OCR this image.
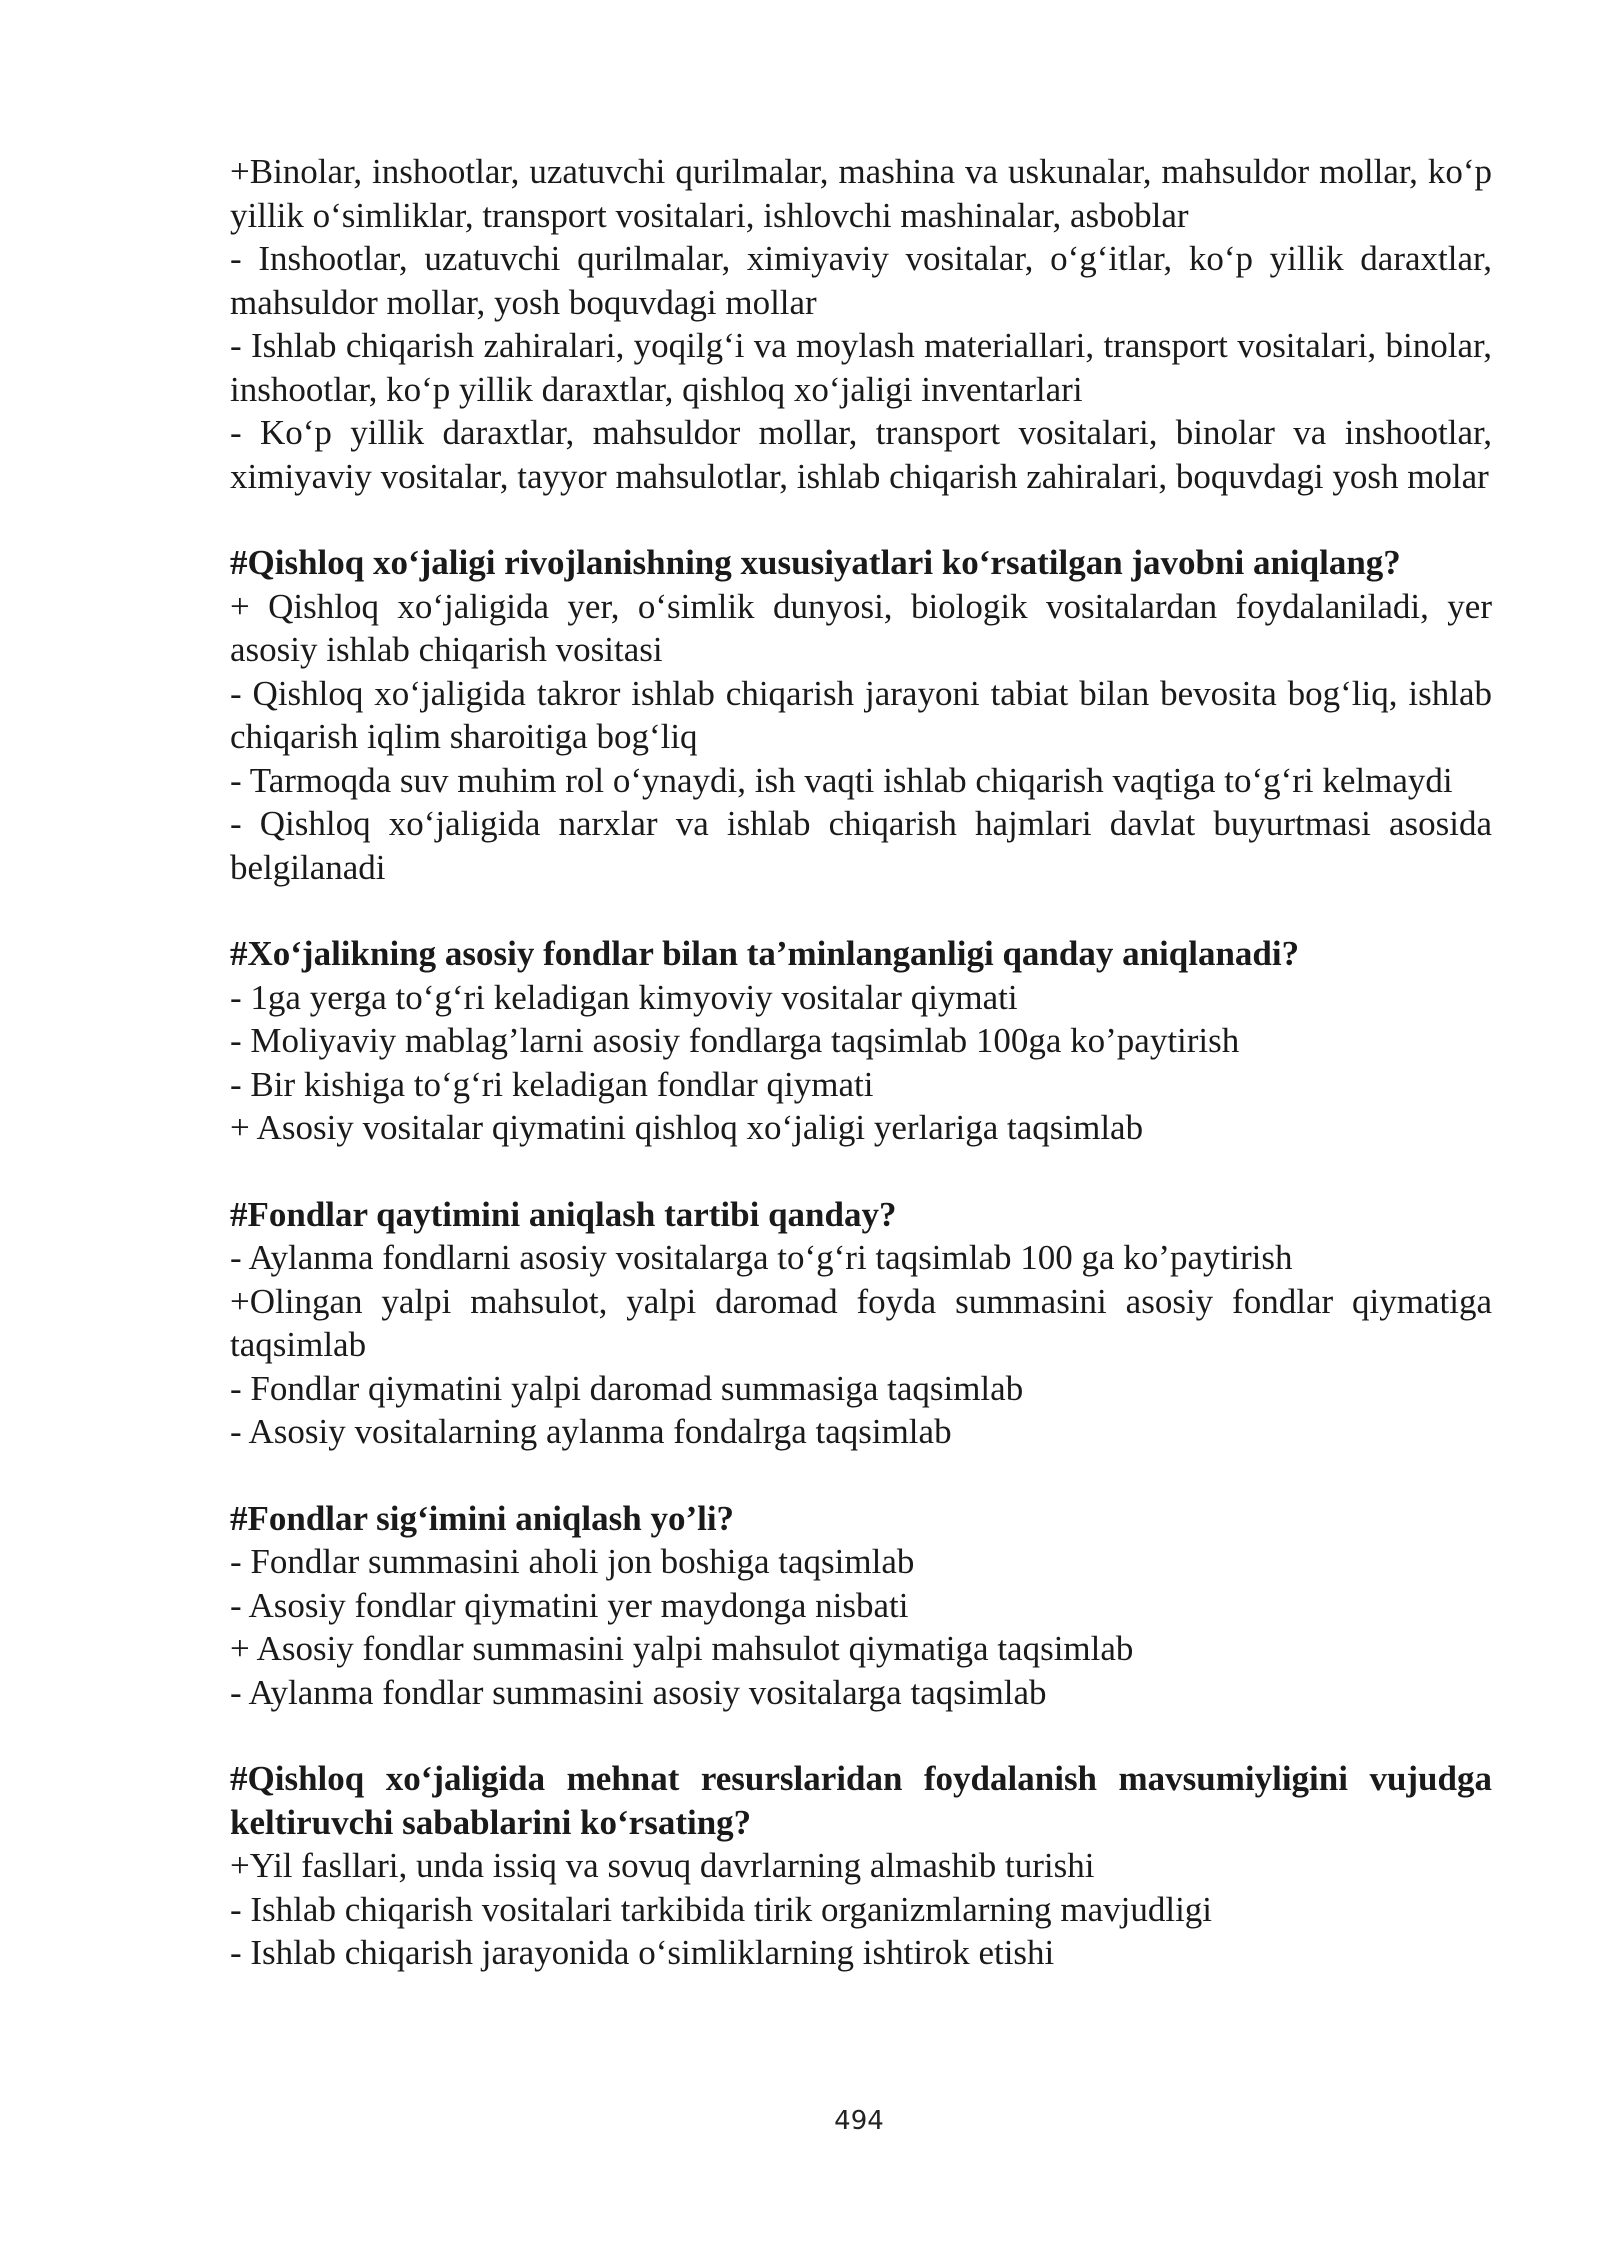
+Binolar, inshootlar, uzatuvchi qurilmalar, mashina va uskunalar, mahsuldor mollar, ko‘p yillik o‘simliklar, transport vositalari, ishlovchi mashinalar, asboblar

- Inshootlar, uzatuvchi qurilmalar, ximiyaviy vositalar, o‘g‘itlar, ko‘p yillik daraxtlar, mahsuldor mollar, yosh boquvdagi mollar

- Ishlab chiqarish zahiralari, yoqilg‘i va moylash materiallari, transport vositalari, binolar, inshootlar, ko‘p yillik daraxtlar, qishloq xo‘jaligi inventarlari

- Ko‘p yillik daraxtlar, mahsuldor mollar, transport vositalari, binolar va inshootlar, ximiyaviy vositalar, tayyor mahsulotlar, ishlab chiqarish zahiralari, boquvdagi yosh molar

#Qishloq xo‘jaligi rivojlanishning xususiyatlari ko‘rsatilgan javobni aniqlang?

+ Qishloq xo‘jaligida yer, o‘simlik dunyosi, biologik vositalardan foydalaniladi, yer asosiy ishlab chiqarish vositasi

- Qishloq xo‘jaligida takror ishlab chiqarish jarayoni tabiat bilan bevosita bog‘liq, ishlab chiqarish iqlim sharoitiga bog‘liq

- Tarmoqda suv muhim rol o‘ynaydi, ish vaqti ishlab chiqarish vaqtiga to‘g‘ri kelmaydi

- Qishloq xo‘jaligida narxlar va ishlab chiqarish hajmlari davlat buyurtmasi asosida belgilanadi

#Xo‘jalikning asosiy fondlar bilan ta’minlanganligi qanday aniqlanadi?

- 1ga yerga to‘g‘ri keladigan kimyoviy vositalar qiymati

- Moliyaviy mablag’larni asosiy fondlarga taqsimlab 100ga ko’paytirish

- Bir kishiga to‘g‘ri keladigan fondlar qiymati

+ Asosiy vositalar qiymatini qishloq xo‘jaligi yerlariga taqsimlab

#Fondlar qaytimini aniqlash tartibi qanday?

- Aylanma fondlarni asosiy vositalarga to‘g‘ri taqsimlab 100 ga ko’paytirish

+Olingan yalpi mahsulot, yalpi daromad foyda summasini asosiy fondlar qiymatiga taqsimlab

- Fondlar qiymatini yalpi daromad summasiga taqsimlab

- Asosiy vositalarning aylanma fondalrga taqsimlab

#Fondlar sig‘imini aniqlash yo’li?

- Fondlar summasini aholi jon boshiga taqsimlab

- Asosiy fondlar qiymatini yer maydonga nisbati

+ Asosiy fondlar summasini yalpi mahsulot qiymatiga taqsimlab

- Aylanma fondlar summasini asosiy vositalarga taqsimlab

#Qishloq xo‘jaligida mehnat resurslaridan foydalanish mavsumiyligini vujudga keltiruvchi sabablarini ko‘rsating?

+Yil fasllari, unda issiq va sovuq davrlarning almashib turishi

- Ishlab chiqarish vositalari tarkibida tirik organizmlarning mavjudligi

- Ishlab chiqarish jarayonida o‘simliklarning ishtirok etishi

494
